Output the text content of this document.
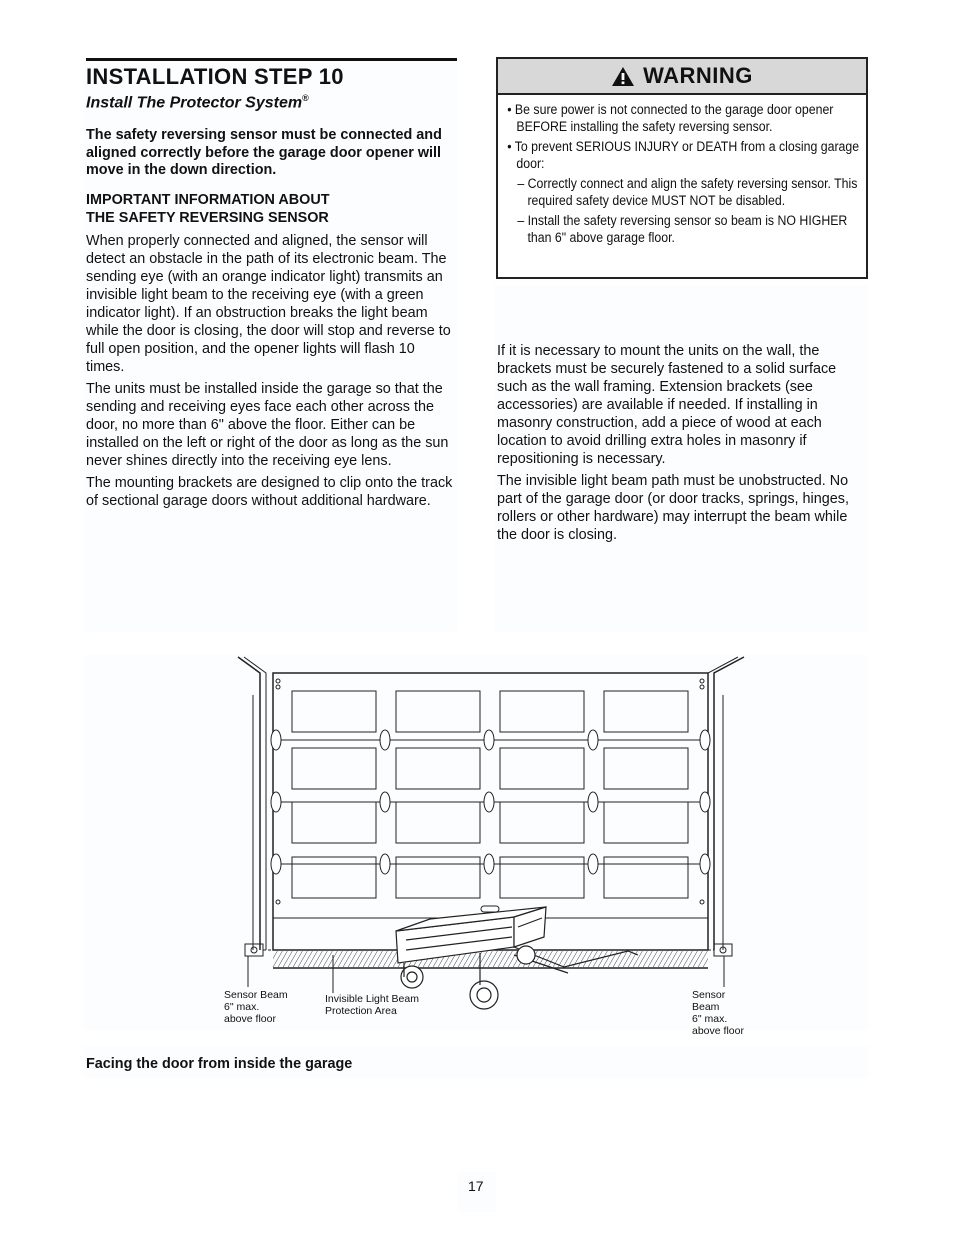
INSTALLATION STEP 10
Install The Protector System®
The safety reversing sensor must be connected and aligned correctly before the garage door opener will move in the down direction.
IMPORTANT INFORMATION ABOUT
THE SAFETY REVERSING SENSOR

When properly connected and aligned, the sensor will detect an obstacle in the path of its electronic beam. The sending eye (with an orange indicator light) transmits an invisible light beam to the receiving eye (with a green indicator light). If an obstruction breaks the light beam while the door is closing, the door will stop and reverse to full open position, and the opener lights will flash 10 times.

The units must be installed inside the garage so that the sending and receiving eyes face each other across the door, no more than 6" above the floor. Either can be installed on the left or right of the door as long as the sun never shines directly into the receiving eye lens.

The mounting brackets are designed to clip onto the track of sectional garage doors without additional hardware.

WARNING
• Be sure power is not connected to the garage door opener BEFORE installing the safety reversing sensor.
• To prevent SERIOUS INJURY or DEATH from a closing garage door:
– Correctly connect and align the safety reversing sensor. This required safety device MUST NOT be disabled.
– Install the safety reversing sensor so beam is NO HIGHER than 6" above garage floor.

If it is necessary to mount the units on the wall, the brackets must be securely fastened to a solid surface such as the wall framing. Extension brackets (see accessories) are available if needed. If installing in masonry construction, add a piece of wood at each location to avoid drilling extra holes in masonry if repositioning is necessary.

The invisible light beam path must be unobstructed. No part of the garage door (or door tracks, springs, hinges, rollers or other hardware) may interrupt the beam while the door is closing.

Sensor Beam
6" max.
above floor
Invisible Light Beam
Protection Area
Sensor Beam
6" max.
above floor
Facing the door from inside the garage
17
